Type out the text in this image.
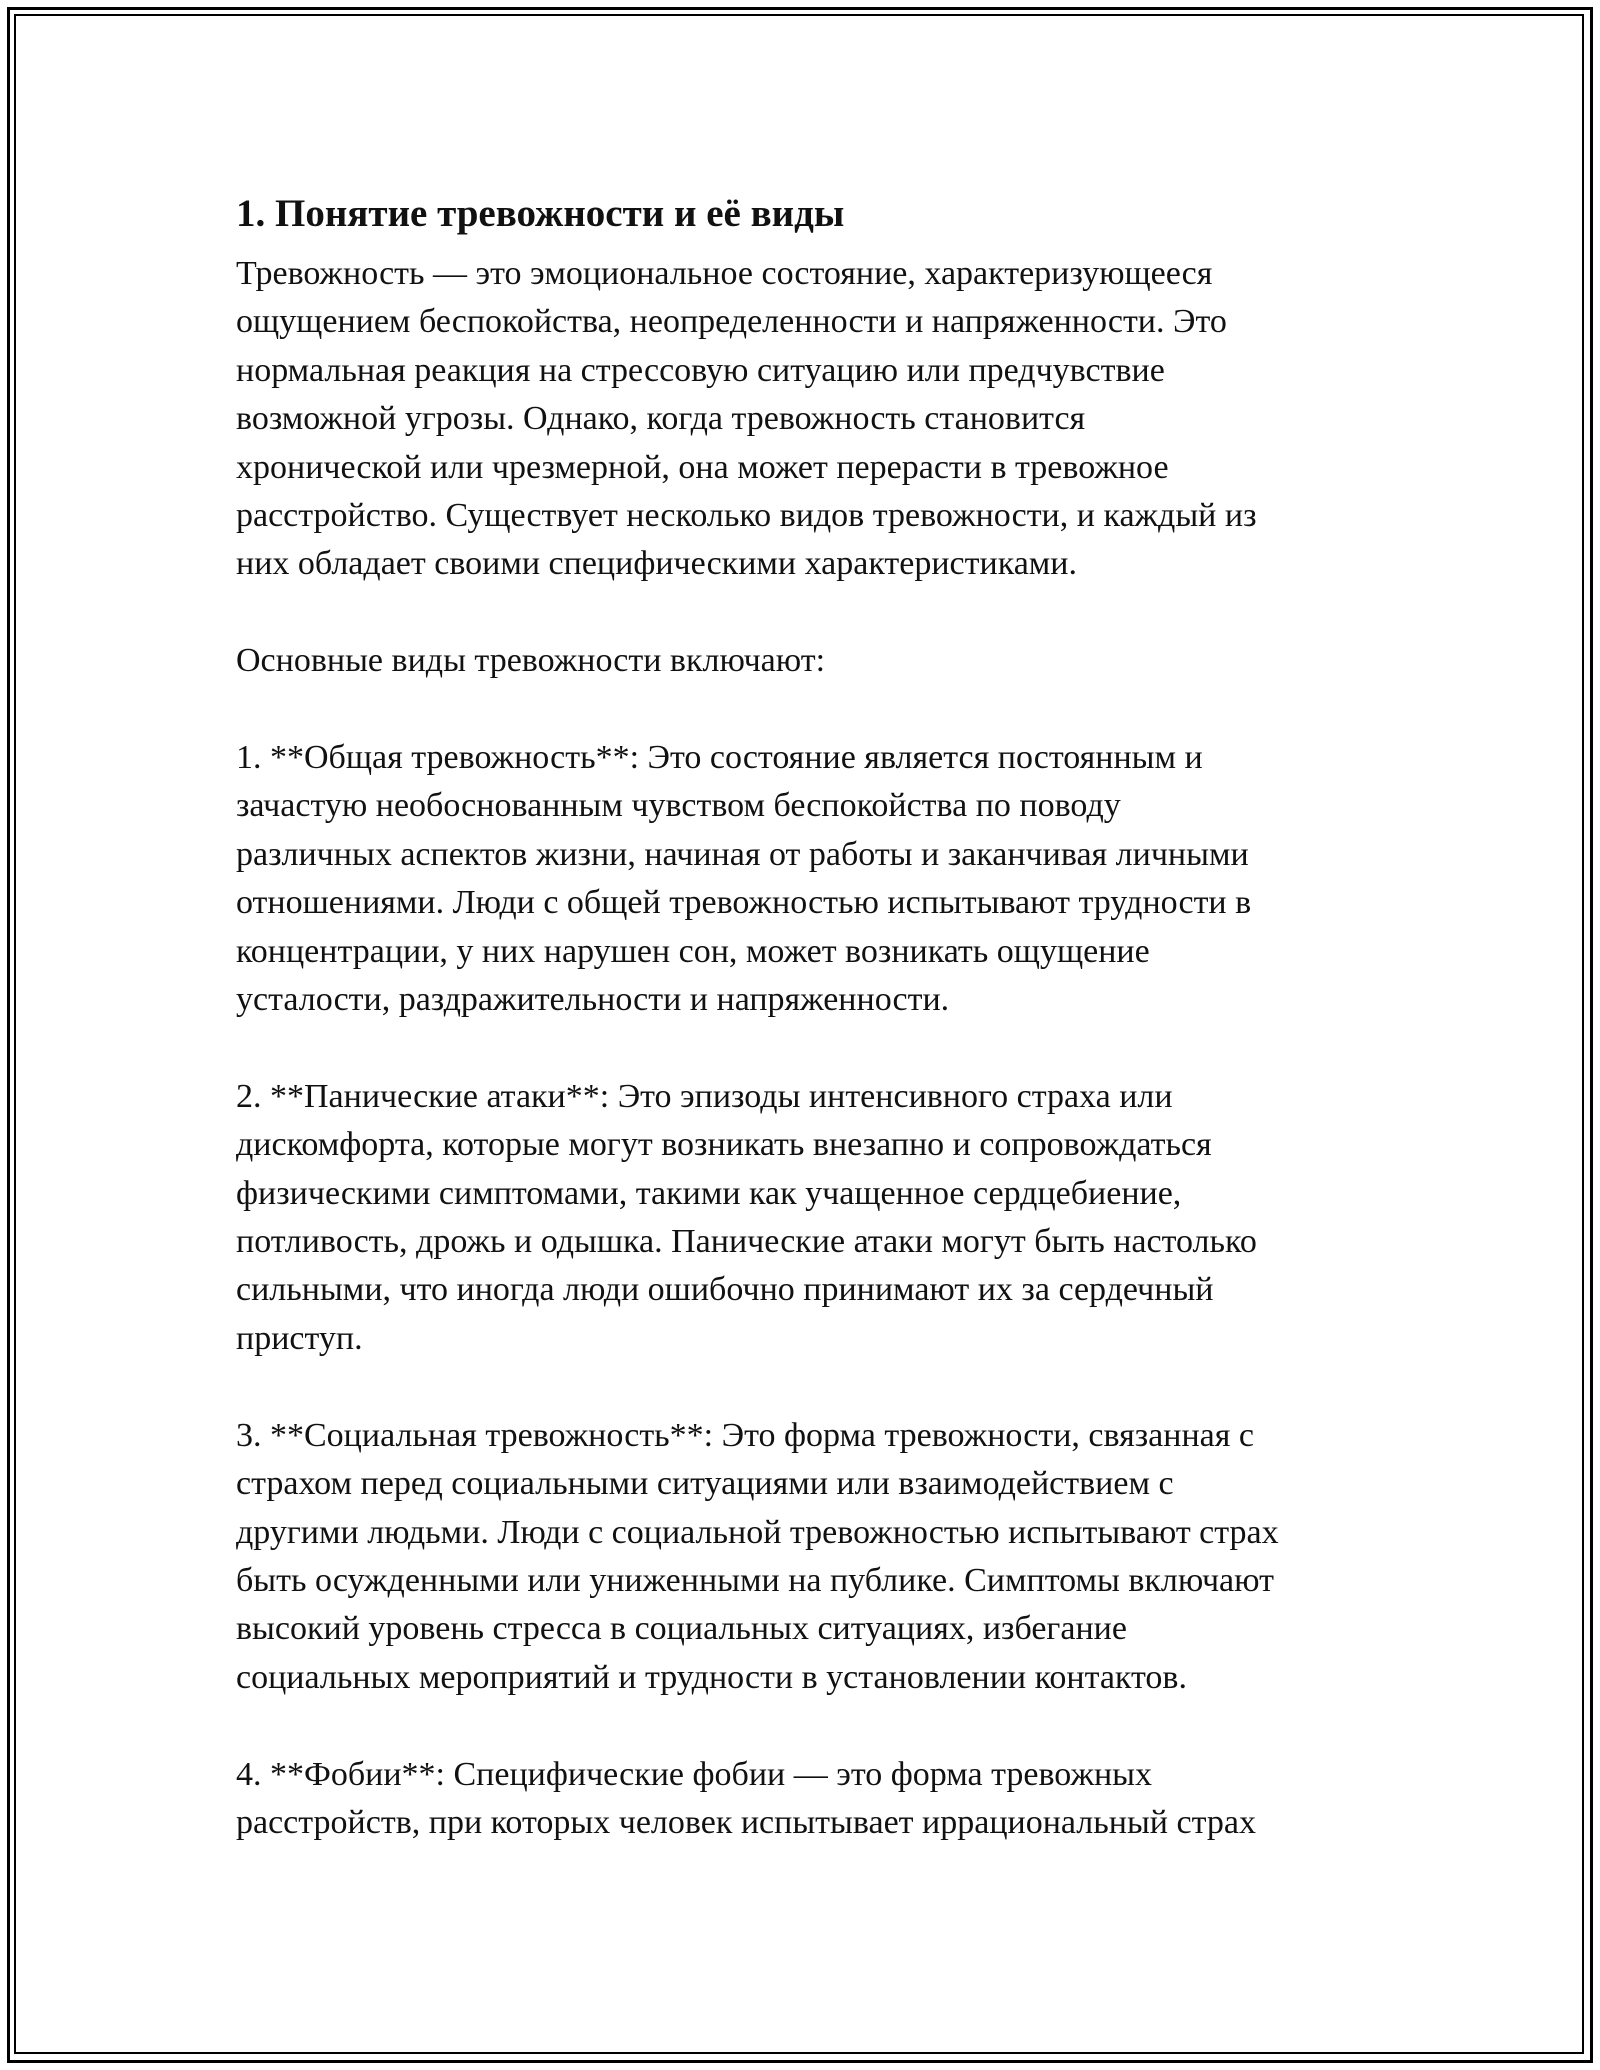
1. Понятие тревожности и её виды

Тревожность — это эмоциональное состояние, характеризующееся
ощущением беспокойства, неопределенности и напряженности. Это
нормальная реакция на стрессовую ситуацию или предчувствие
возможной угрозы. Однако, когда тревожность становится
хронической или чрезмерной, она может перерасти в тревожное
расстройство. Существует несколько видов тревожности, и каждый из
них обладает своими специфическими характеристиками.

Основные виды тревожности включают:

1. **Общая тревожность**: Это состояние является постоянным и
зачастую необоснованным чувством беспокойства по поводу
различных аспектов жизни, начиная от работы и заканчивая личными
отношениями. Люди с общей тревожностью испытывают трудности в
концентрации, у них нарушен сон, может возникать ощущение
усталости, раздражительности и напряженности.

2. **Панические атаки**: Это эпизоды интенсивного страха или
дискомфорта, которые могут возникать внезапно и сопровождаться
физическими симптомами, такими как учащенное сердцебиение,
потливость, дрожь и одышка. Панические атаки могут быть настолько
сильными, что иногда люди ошибочно принимают их за сердечный
приступ.

3. **Социальная тревожность**: Это форма тревожности, связанная с
страхом перед социальными ситуациями или взаимодействием с
другими людьми. Люди с социальной тревожностью испытывают страх
быть осужденными или униженными на публике. Симптомы включают
высокий уровень стресса в социальных ситуациях, избегание
социальных мероприятий и трудности в установлении контактов.

4. **Фобии**: Специфические фобии — это форма тревожных
расстройств, при которых человек испытывает иррациональный страх
